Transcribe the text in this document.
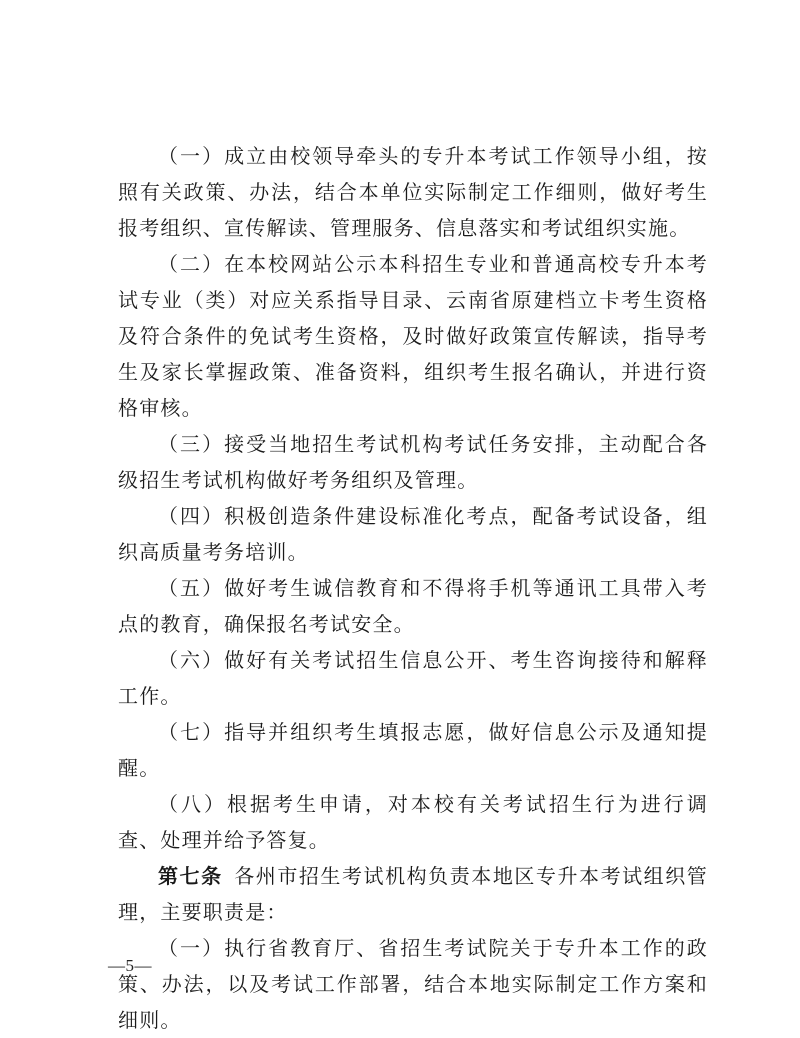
（一）成立由校领导牵头的专升本考试工作领导小组，按照有关政策、办法，结合本单位实际制定工作细则，做好考生报考组织、宣传解读、管理服务、信息落实和考试组织实施。

（二）在本校网站公示本科招生专业和普通高校专升本考试专业（类）对应关系指导目录、云南省原建档立卡考生资格及符合条件的免试考生资格，及时做好政策宣传解读，指导考生及家长掌握政策、准备资料，组织考生报名确认，并进行资格审核。

（三）接受当地招生考试机构考试任务安排，主动配合各级招生考试机构做好考务组织及管理。

（四）积极创造条件建设标准化考点，配备考试设备，组织高质量考务培训。

（五）做好考生诚信教育和不得将手机等通讯工具带入考点的教育，确保报名考试安全。

（六）做好有关考试招生信息公开、考生咨询接待和解释工作。

（七）指导并组织考生填报志愿，做好信息公示及通知提醒。

（八）根据考生申请，对本校有关考试招生行为进行调查、处理并给予答复。

第七条  各州市招生考试机构负责本地区专升本考试组织管理，主要职责是：

（一）执行省教育厅、省招生考试院关于专升本工作的政策、办法，以及考试工作部署，结合本地实际制定工作方案和细则。

—5—
